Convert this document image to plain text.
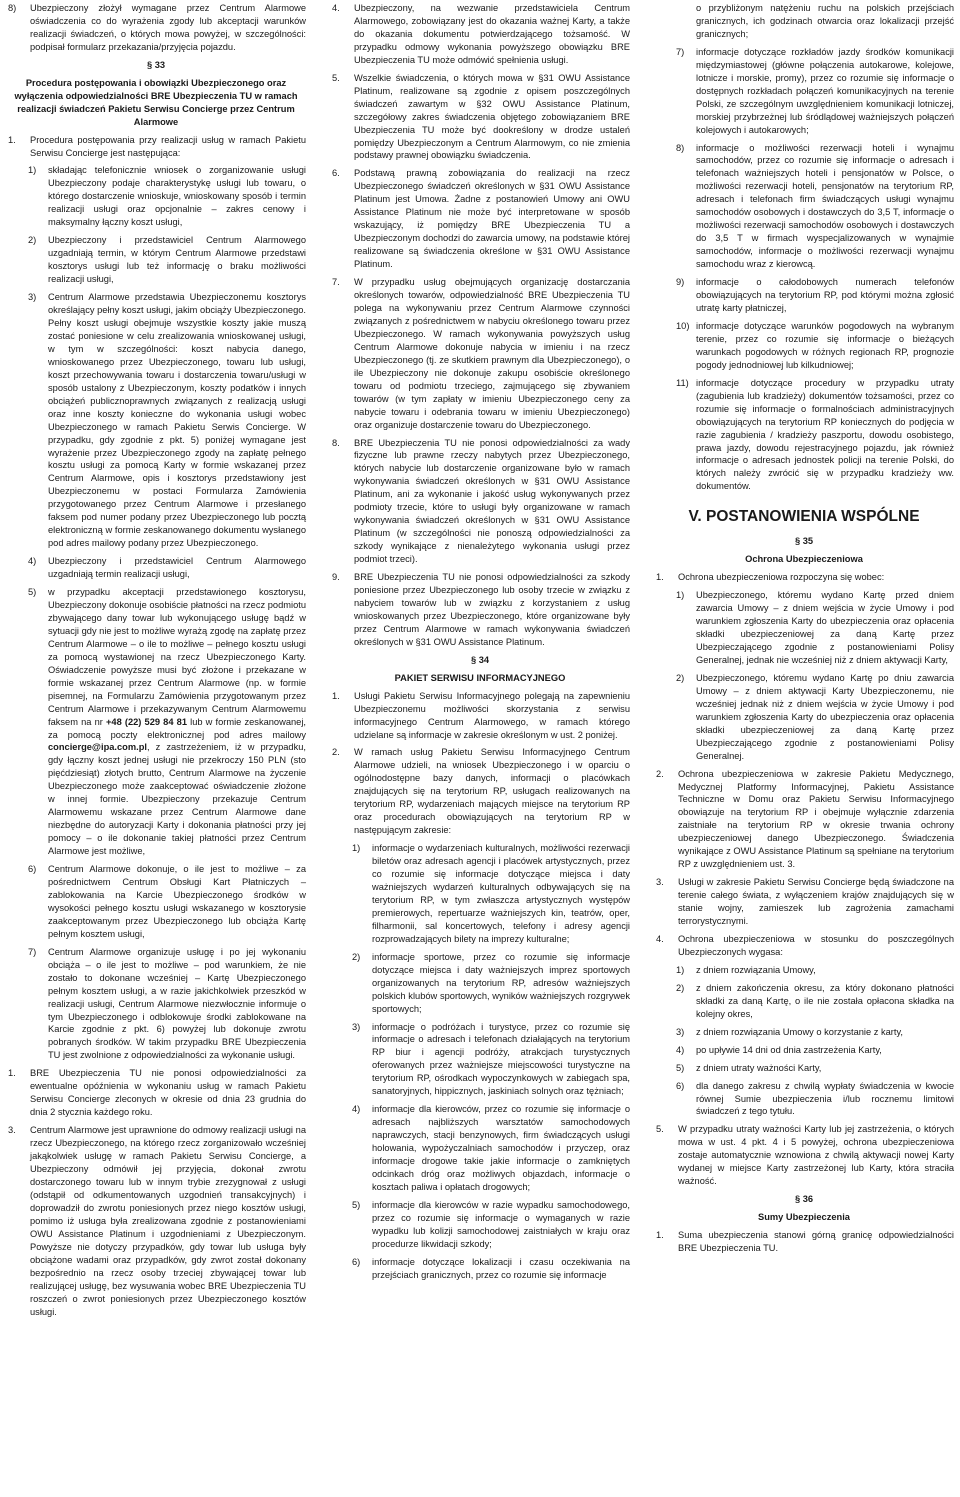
8) Ubezpieczony złożył wymagane przez Centrum Alarmowe oświadczenia co do wyrażenia zgody lub akceptacji warunków realizacji świadczeń, o których mowa powyżej, w szczególności: podpisał formularz przekazania/przyjęcia pojazdu.
§ 33
Procedura postępowania i obowiązki Ubezpieczonego oraz wyłączenia odpowiedzialności BRE Ubezpieczenia TU w ramach realizacji świadczeń Pakietu Serwisu Concierge przez Centrum Alarmowe
1. Procedura postępowania przy realizacji usług w ramach Pakietu Serwisu Concierge jest następująca:
1) składając telefonicznie wniosek o zorganizowanie usługi Ubezpieczony podaje charakterystykę usługi lub towaru, o którego dostarczenie wnioskuje, wnioskowany sposób i termin realizacji usługi oraz opcjonalnie – zakres cenowy i maksymalny łączny koszt usługi,
2) Ubezpieczony i przedstawiciel Centrum Alarmowego uzgadniają termin, w którym Centrum Alarmowe przedstawi kosztorys usługi lub też informację o braku możliwości realizacji usługi,
3) Centrum Alarmowe przedstawia Ubezpieczonemu kosztorys określający pełny koszt usługi, jakim obciąży Ubezpieczonego. Pełny koszt usługi obejmuje wszystkie koszty jakie muszą zostać poniesione w celu zrealizowania wnioskowanej usługi, w tym w szczególności: koszt nabycia danego, wnioskowanego przez Ubezpieczonego, towaru lub usługi, koszt przechowywania towaru i dostarczenia towaru/usługi w sposób ustalony z Ubezpieczonym, koszty podatków i innych obciążeń publicznoprawnych związanych z realizacją usługi oraz inne koszty konieczne do wykonania usługi wobec Ubezpieczonego w ramach Pakietu Serwis Concierge. W przypadku, gdy zgodnie z pkt. 5) poniżej wymagane jest wyrażenie przez Ubezpieczonego zgody na zapłatę pełnego kosztu usługi za pomocą Karty w formie wskazanej przez Centrum Alarmowe, opis i kosztorys przedstawiony jest Ubezpieczonemu w postaci Formularza Zamówienia przygotowanego przez Centrum Alarmowe i przesłanego faksem pod numer podany przez Ubezpieczonego lub pocztą elektroniczną w formie zeskanowanego dokumentu wysłanego pod adres mailowy podany przez Ubezpieczonego.
4) Ubezpieczony i przedstawiciel Centrum Alarmowego uzgadniają termin realizacji usługi,
5) w przypadku akceptacji przedstawionego kosztorysu, Ubezpieczony dokonuje osobiście płatności na rzecz podmiotu zbywającego dany towar lub wykonującego usługę bądź w sytuacji gdy nie jest to możliwe wyrażą zgodę na zapłatę przez Centrum Alarmowe – o ile to możliwe – pełnego kosztu usługi za pomocą wystawionej na rzecz Ubezpieczonego Karty. Oświadczenie powyższe musi być złożone i przekazane w formie wskazanej przez Centrum Alarmowe (np. w formie pisemnej, na Formularzu Zamówienia przygotowanym przez Centrum Alarmowe i przekazywanym Centrum Alarmowemu faksem na nr +48 (22) 529 84 81 lub w formie zeskanowanej, za pomocą poczty elektronicznej pod adres mailowy concierge@ipa.com.pl, z zastrzeżeniem, iż w przypadku, gdy łączny koszt jednej usługi nie przekroczy 150 PLN (sto pięćdziesiąt) złotych brutto, Centrum Alarmowe na życzenie Ubezpieczonego może zaakceptować oświadczenie złożone w innej formie. Ubezpieczony przekazuje Centrum Alarmowemu wskazane przez Centrum Alarmowe dane niezbędne do autoryzacji Karty i dokonania płatności przy jej pomocy – o ile dokonanie takiej płatności przez Centrum Alarmowe jest możliwe,
6) Centrum Alarmowe dokonuje, o ile jest to możliwe – za pośrednictwem Centrum Obsługi Kart Płatniczych – zablokowania na Karcie Ubezpieczonego środków w wysokości pełnego kosztu usługi wskazanego w kosztorysie zaakceptowanym przez Ubezpieczonego lub obciąża Kartę pełnym kosztem usługi,
7) Centrum Alarmowe organizuje usługę i po jej wykonaniu obciąża – o ile jest to możliwe – pod warunkiem, że nie zostało to dokonane wcześniej – Kartę Ubezpieczonego pełnym kosztem usługi, a w razie jakichkolwiek przeszkód w realizacji usługi, Centrum Alarmowe niezwłocznie informuje o tym Ubezpieczonego i odblokowuje środki zablokowane na Karcie zgodnie z pkt. 6) powyżej lub dokonuje zwrotu pobranych środków. W takim przypadku BRE Ubezpieczenia TU jest zwolnione z odpowiedzialności za wykonanie usługi.
1. BRE Ubezpieczenia TU nie ponosi odpowiedzialności za ewentualne opóźnienia w wykonaniu usług w ramach Pakietu Serwisu Concierge zleconych w okresie od dnia 23 grudnia do dnia 2 stycznia każdego roku.
3. Centrum Alarmowe jest uprawnione do odmowy realizacji usługi na rzecz Ubezpieczonego, na którego rzecz zorganizowało wcześniej jakąkolwiek usługę w ramach Pakietu Serwisu Concierge, a Ubezpieczony odmówił jej przyjęcia, dokonał zwrotu dostarczonego towaru lub w innym trybie zrezygnował z usługi (odstąpił od odkumentowanych uzgodnień transakcyjnych) i doprowadził do zwrotu poniesionych przez niego kosztów usługi, pomimo iż usługa była zrealizowana zgodnie z postanowieniami OWU Assistance Platinum i uzgodnieniami z Ubezpieczonym. Powyższe nie dotyczy przypadków, gdy towar lub usługa były obciążone wadami oraz przypadków, gdy zwrot został dokonany bezpośrednio na rzecz osoby trzeciej zbywającej towar lub realizującej usługę, bez wysuwania wobec BRE Ubezpieczenia TU roszczeń o zwrot poniesionych przez Ubezpieczonego kosztów usługi.
4. Ubezpieczony, na wezwanie przedstawiciela Centrum Alarmowego, zobowiązany jest do okazania ważnej Karty, a także do okazania dokumentu potwierdzającego tożsamość. W przypadku odmowy wykonania powyższego obowiązku BRE Ubezpieczenia TU może odmówić spełnienia usługi.
5. Wszelkie świadczenia, o których mowa w §31 OWU Assistance Platinum, realizowane są zgodnie z opisem poszczególnych świadczeń zawartym w §32 OWU Assistance Platinum, szczegółowy zakres świadczenia objętego zobowiązaniem BRE Ubezpieczenia TU może być dookreślony w drodze ustaleń pomiędzy Ubezpieczonym a Centrum Alarmowym, co nie zmienia podstawy prawnej obowiązku świadczenia.
6. Podstawą prawną zobowiązania do realizacji na rzecz Ubezpieczonego świadczeń określonych w §31 OWU Assistance Platinum jest Umowa. Żadne z postanowień Umowy ani OWU Assistance Platinum nie może być interpretowane w sposób wskazujący, iż pomiędzy BRE Ubezpieczenia TU a Ubezpieczonym dochodzi do zawarcia umowy, na podstawie której realizowane są świadczenia określone w §31 OWU Assistance Platinum.
7. W przypadku usług obejmujących organizację dostarczania określonych towarów, odpowiedzialność BRE Ubezpieczenia TU polega na wykonywaniu przez Centrum Alarmowe czynności związanych z pośrednictwem w nabyciu określonego towaru przez Ubezpieczonego. W ramach wykonywania powyższych usług Centrum Alarmowe dokonuje nabycia w imieniu i na rzecz Ubezpieczonego (tj. ze skutkiem prawnym dla Ubezpieczonego), o ile Ubezpieczony nie dokonuje zakupu osobiście określonego towaru od podmiotu trzeciego, zajmującego się zbywaniem towarów (w tym zapłaty w imieniu Ubezpieczonego ceny za nabycie towaru i odebrania towaru w imieniu Ubezpieczonego) oraz organizuje dostarczenie towaru do Ubezpieczonego.
8. BRE Ubezpieczenia TU nie ponosi odpowiedzialności za wady fizyczne lub prawne rzeczy nabytych przez Ubezpieczonego, których nabycie lub dostarczenie organizowane było w ramach wykonywania świadczeń określonych w §31 OWU Assistance Platinum, ani za wykonanie i jakość usług wykonywanych przez podmioty trzecie, które to usługi były organizowane w ramach wykonywania świadczeń określonych w §31 OWU Assistance Platinum (w szczególności nie ponoszą odpowiedzialności za szkody wynikające z nienależytego wykonania usługi przez podmiot trzeci).
9. BRE Ubezpieczenia TU nie ponosi odpowiedzialności za szkody poniesione przez Ubezpieczonego lub osoby trzecie w związku z nabyciem towarów lub w związku z korzystaniem z usług wnioskowanych przez Ubezpieczonego, które organizowane były przez Centrum Alarmowe w ramach wykonywania świadczeń określonych w §31 OWU Assistance Platinum.
§ 34
PAKIET SERWISU INFORMACYJNEGO
1. Usługi Pakietu Serwisu Informacyjnego polegają na zapewnieniu Ubezpieczonemu możliwości skorzystania z serwisu informacyjnego Centrum Alarmowego, w ramach którego udzielane są informacje w zakresie określonym w ust. 2 poniżej.
2. W ramach usług Pakietu Serwisu Informacyjnego Centrum Alarmowe udzieli, na wniosek Ubezpieczonego i w oparciu o ogólnodostępne bazy danych, informacji o placówkach znajdujących się na terytorium RP, usługach realizowanych na terytorium RP, wydarzeniach mających miejsce na terytorium RP oraz procedurach obowiązujących na terytorium RP w następującym zakresie:
1) informacje o wydarzeniach kulturalnych, możliwości rezerwacji biletów oraz adresach agencji i placówek artystycznych, przez co rozumie się informacje dotyczące miejsca i daty ważniejszych wydarzeń kulturalnych odbywających się na terytorium RP, w tym zwłaszcza artystycznych występów premierowych, repertuarze ważniejszych kin, teatrów, oper, filharmonii, sal koncertowych, telefony i adresy agencji rozprowadzających bilety na imprezy kulturalne;
2) informacje sportowe, przez co rozumie się informacje dotyczące miejsca i daty ważniejszych imprez sportowych organizowanych na terytorium RP, adresów ważniejszych polskich klubów sportowych, wyników ważniejszych rozgrywek sportowych;
3) informacje o podróżach i turystyce, przez co rozumie się informacje o adresach i telefonach działających na terytorium RP biur i agencji podróży, atrakcjach turystycznych oferowanych przez ważniejsze miejscowości turystyczne na terytorium RP, ośrodkach wypoczynkowych w zabiegach spa, sanatoryjnych, hippicznych, jaskiniach solnych oraz tężniach;
4) informacje dla kierowców, przez co rozumie się informacje o adresach najbliższych warsztatów samochodowych naprawczych, stacji benzynowych, firm świadczących usługi holowania, wypożyczalniach samochodów i przyczep, oraz informacje drogowe takie jakie informacje o zamkniętych odcinkach dróg oraz możliwych objazdach, informacje o kosztach paliwa i opłatach drogowych;
5) informacje dla kierowców w razie wypadku samochodowego, przez co rozumie się informacje o wymaganych w razie wypadku lub kolizji samochodowej zaistniałych w kraju oraz procedurze likwidacji szkody;
6) informacje dotyczące lokalizacji i czasu oczekiwania na przejściach granicznych, przez co rozumie się informacje
o przybliżonym natężeniu ruchu na polskich przejściach granicznych, ich godzinach otwarcia oraz lokalizacji przejść granicznych;
7) informacje dotyczące rozkładów jazdy środków komunikacji międzymiastowej (główne połączenia autokarowe, kolejowe, lotnicze i morskie, promy), przez co rozumie się informacje o dostępnych rozkładach połączeń komunikacyjnych na terenie Polski, ze szczególnym uwzględnieniem komunikacji lotniczej, morskiej przybrzeżnej lub śródlądowej ważniejszych połączeń kolejowych i autokarowych;
8) informacje o możliwości rezerwacji hoteli i wynajmu samochodów, przez co rozumie się informacje o adresach i telefonach ważniejszych hoteli i pensjonatów w Polsce, o możliwości rezerwacji hoteli, pensjonatów na terytorium RP, adresach i telefonach firm świadczących usługi wynajmu samochodów osobowych i dostawczych do 3,5 T, informacje o możliwości rezerwacji samochodów osobowych i dostawczych do 3,5 T w firmach wyspecjalizowanych w wynajmie samochodów, informacje o możliwości rezerwacji wynajmu samochodu wraz z kierowcą.
9) informacje o całodobowych numerach telefonów obowiązujących na terytorium RP, pod którymi można zgłosić utratę karty płatniczej,
10) informacje dotyczące warunków pogodowych na wybranym terenie, przez co rozumie się informacje o bieżących warunkach pogodowych w różnych regionach RP, prognozie pogody jednodniowej lub kilkudniowej;
11) informacje dotyczące procedury w przypadku utraty (zagubienia lub kradzieży) dokumentów tożsamości, przez co rozumie się informacje o formalnościach administracyjnych obowiązujących na terytorium RP koniecznych do podjęcia w razie zagubienia / kradzieży paszportu, dowodu osobistego, prawa jazdy, dowodu rejestracyjnego pojazdu, jak również informacje o adresach jednostek policji na terenie Polski, do których należy zwrócić się w przypadku kradzieży ww. dokumentów.
V. POSTANOWIENIA WSPÓLNE
§ 35
Ochrona Ubezpieczeniowa
1. Ochrona ubezpieczeniowa rozpoczyna się wobec:
1) Ubezpieczonego, któremu wydano Kartę przed dniem zawarcia Umowy – z dniem wejścia w życie Umowy i pod warunkiem zgłoszenia Karty do ubezpieczenia oraz opłacenia składki ubezpieczeniowej za daną Kartę przez Ubezpieczającego zgodnie z postanowieniami Polisy Generalnej, jednak nie wcześniej niż z dniem aktywacji Karty,
2) Ubezpieczonego, któremu wydano Kartę po dniu zawarcia Umowy – z dniem aktywacji Karty Ubezpieczonemu, nie wcześniej jednak niż z dniem wejścia w życie Umowy i pod warunkiem zgłoszenia Karty do ubezpieczenia oraz opłacenia składki ubezpieczeniowej za daną Kartę przez Ubezpieczającego zgodnie z postanowieniami Polisy Generalnej.
2. Ochrona ubezpieczeniowa w zakresie Pakietu Medycznego, Medycznej Platformy Informacyjnej, Pakietu Assistance Techniczne w Domu oraz Pakietu Serwisu Informacyjnego obowiązuje na terytorium RP i obejmuje wyłącznie zdarzenia zaistniałe na terytorium RP w okresie trwania ochrony ubezpieczeniowej danego Ubezpieczonego. Świadczenia wynikające z OWU Assistance Platinum są spełniane na terytorium RP z uwzględnieniem ust. 3.
3. Usługi w zakresie Pakietu Serwisu Concierge będą świadczone na terenie całego świata, z wyłączeniem krajów znajdujących się w stanie wojny, zamieszek lub zagrożenia zamachami terrorystycznymi.
4. Ochrona ubezpieczeniowa w stosunku do poszczególnych Ubezpieczonych wygasa:
1) z dniem rozwiązania Umowy,
2) z dniem zakończenia okresu, za który dokonano płatności składki za daną Kartę, o ile nie została opłacona składka na kolejny okres,
3) z dniem rozwiązania Umowy o korzystanie z karty,
4) po upływie 14 dni od dnia zastrzeżenia Karty,
5) z dniem utraty ważności Karty,
6) dla danego zakresu z chwilą wypłaty świadczenia w kwocie równej Sumie ubezpieczenia i/lub rocznemu limitowi świadczeń z tego tytułu.
5. W przypadku utraty ważności Karty lub jej zastrzeżenia, o których mowa w ust. 4 pkt. 4 i 5 powyżej, ochrona ubezpieczeniowa zostaje automatycznie wznowiona z chwilą aktywacji nowej Karty wydanej w miejsce Karty zastrzeżonej lub Karty, która straciła ważność.
§ 36
Sumy Ubezpieczenia
1. Suma ubezpieczenia stanowi górną granicę odpowiedzialności BRE Ubezpieczenia TU.
